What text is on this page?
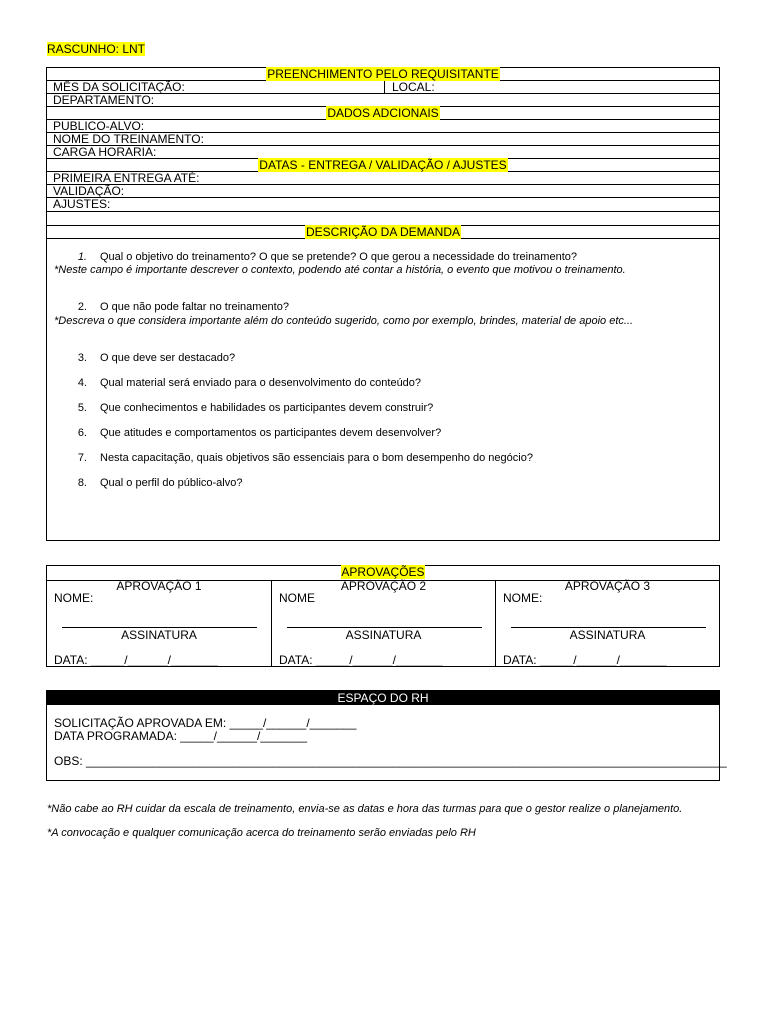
RASCUNHO: LNT
PREENCHIMENTO PELO REQUISITANTE
MÊS DA SOLICITAÇÃO:	LOCAL:
DEPARTAMENTO:
DADOS ADCIONAIS
PUBLICO-ALVO:
NOME DO TREINAMENTO:
CARGA HORARIA:
DATAS - ENTREGA / VALIDAÇÃO / AJUSTES
PRIMEIRA ENTREGA ATÉ:
VALIDAÇÃO:
AJUSTES:
DESCRIÇÃO DA DEMANDA
1. Qual o objetivo do treinamento? O que se pretende? O que gerou a necessidade do treinamento?
*Neste campo é importante descrever o contexto, podendo até contar a história, o evento que motivou o treinamento.
2. O que não pode faltar no treinamento?
*Descreva o que considera importante além do conteúdo sugerido, como por exemplo, brindes, material de apoio etc...
3. O que deve ser destacado?
4. Qual material será enviado para o desenvolvimento do conteúdo?
5. Que conhecimentos e habilidades os participantes devem construir?
6. Que atitudes e comportamentos os participantes devem desenvolver?
7. Nesta capacitação, quais objetivos são essenciais para o bom desempenho do negócio?
8. Qual o perfil do público-alvo?
APROVAÇÕES
APROVAÇÃO 1
NOME:
ASSINATURA
DATA: _____/______/_______
APROVAÇÃO 2
NOME
ASSINATURA
DATA: _____/______/_______
APROVAÇÃO 3
NOME:
ASSINATURA
DATA: _____/______/_______
ESPAÇO DO RH
SOLICITAÇÃO APROVADA EM: _____/______/_______
DATA PROGRAMADA: _____/______/_______
OBS: ________________________________________________________________________________________________
*Não cabe ao RH cuidar da escala de treinamento, envia-se as datas e hora das turmas para que o gestor realize o planejamento.
*A convocação e qualquer comunicação acerca do treinamento serão enviadas pelo RH
